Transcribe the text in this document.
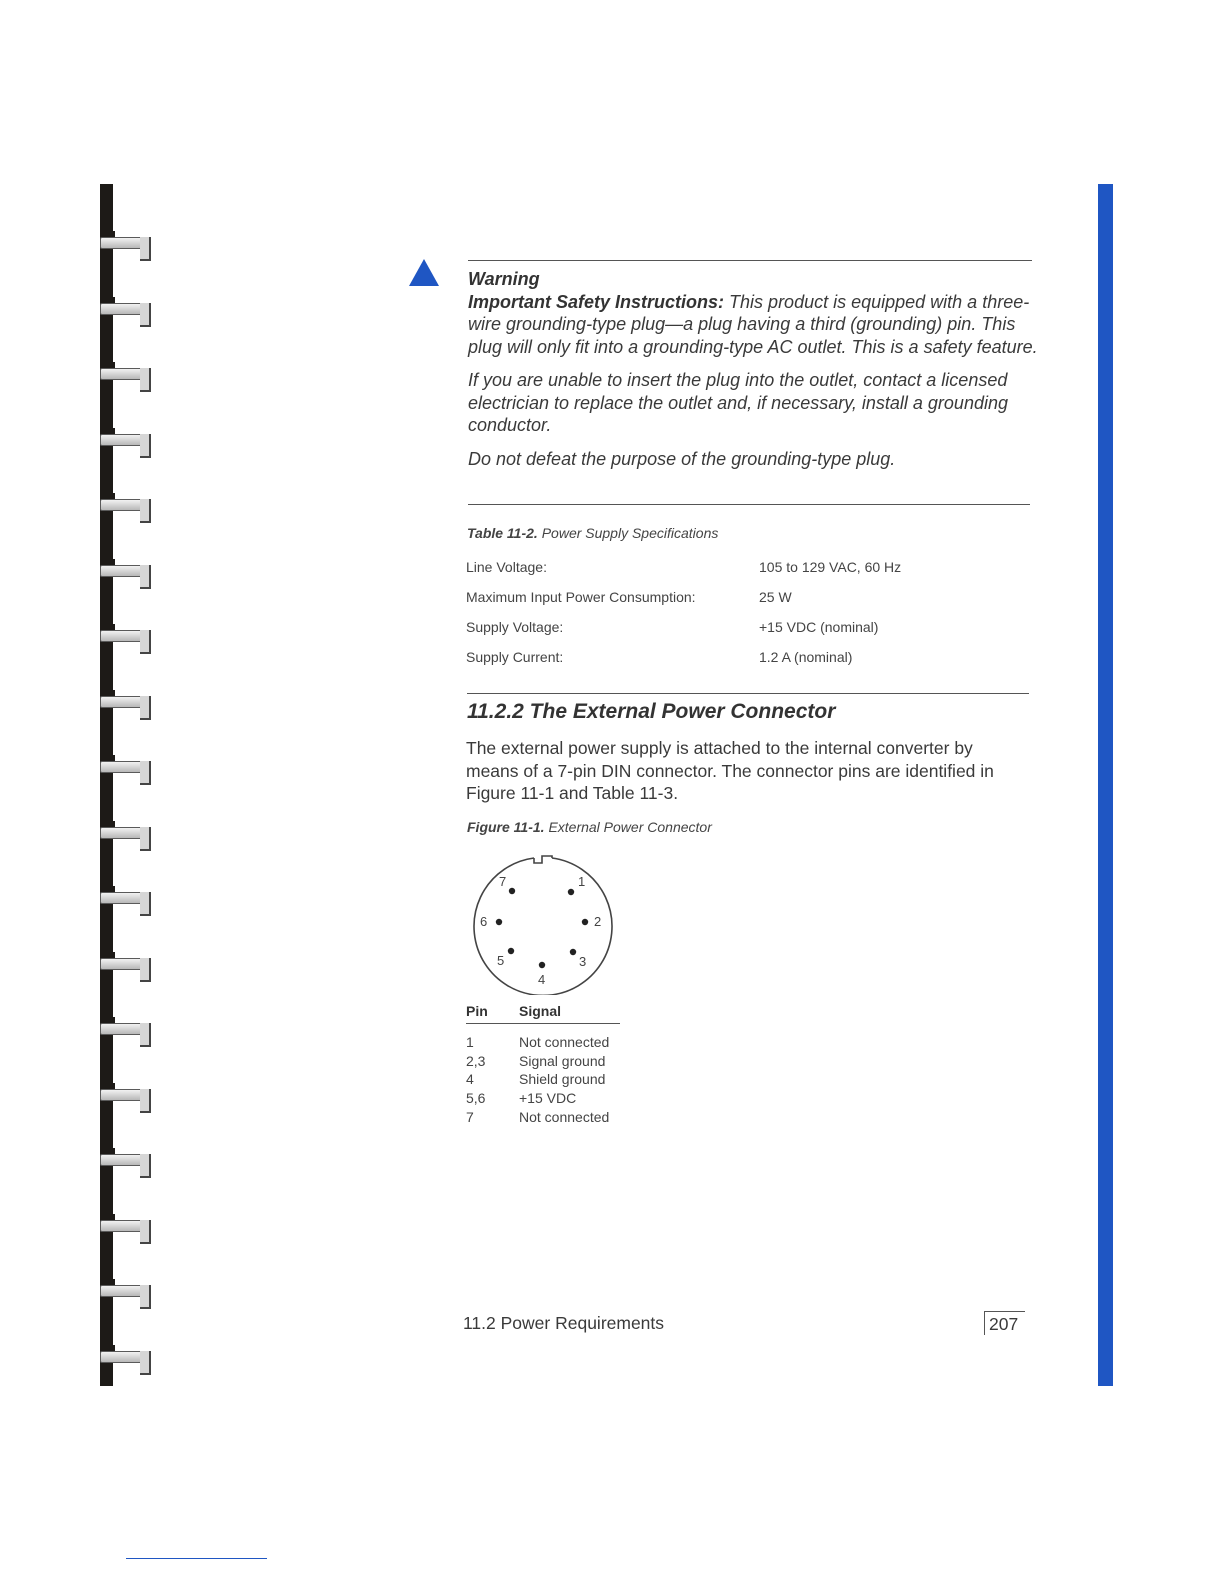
Warning

Important Safety Instructions: This product is equipped with a three-wire grounding-type plug—a plug having a third (grounding) pin. This plug will only fit into a grounding-type AC outlet. This is a safety feature.

If you are unable to insert the plug into the outlet, contact a licensed electrician to replace the outlet and, if necessary, install a grounding conductor.

Do not defeat the purpose of the grounding-type plug.

Table 11-2. Power Supply Specifications
Line Voltage:	105 to 129 VAC, 60 Hz
Maximum Input Power Consumption:	25 W
Supply Voltage:	+15 VDC (nominal)
Supply Current:	1.2 A (nominal)
11.2.2 The External Power Connector

The external power supply is attached to the internal converter by means of a 7-pin DIN connector. The connector pins are identified in Figure 11-1 and Table 11-3.

Figure 11-1. External Power Connector
1
2
3
4
5
6
7
Pin Signal
1	Not connected
2,3 Signal ground
4	Shield ground
5,6 +15 VDC
7	Not connected
11.2 Power Requirements	207
